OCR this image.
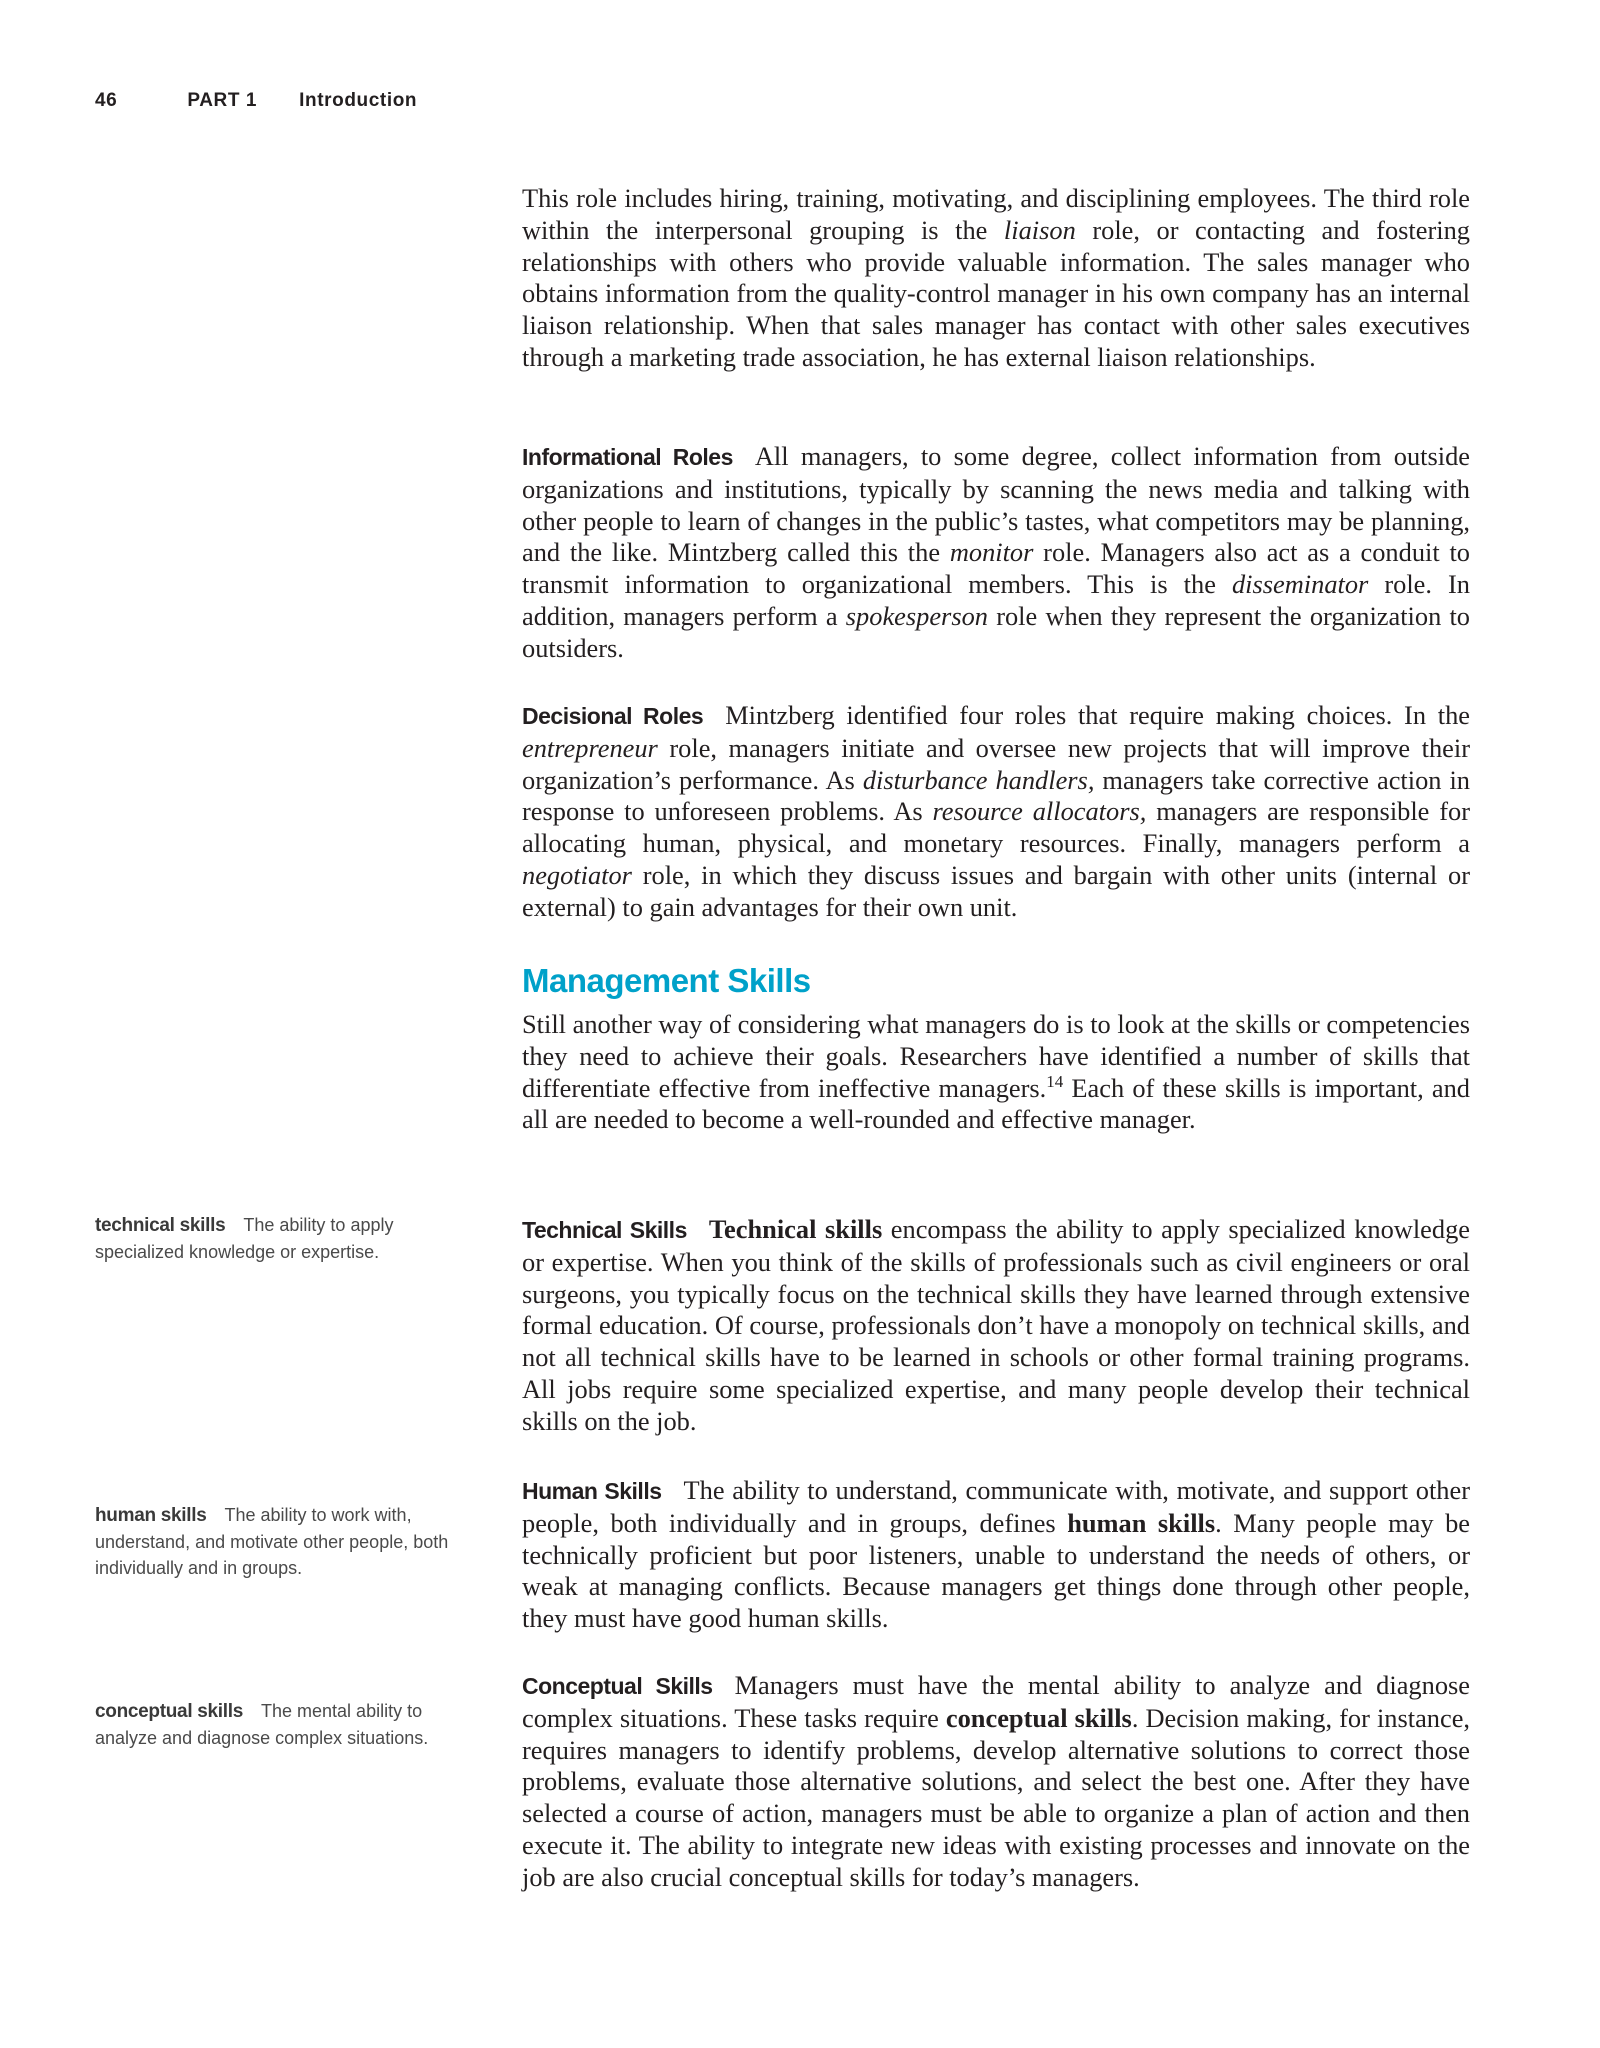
46	PART 1 Introduction

This role includes hiring, training, motivating, and disciplining employees. The third role within the interpersonal grouping is the liaison role, or contacting and fostering relationships with others who provide valuable information. The sales manager who obtains information from the quality-control manager in his own company has an internal liaison relationship. When that sales manager has contact with other sales executives through a marketing trade association, he has external liaison relationships.

Informational Roles All managers, to some degree, collect information from outside organizations and institutions, typically by scanning the news media and talking with other people to learn of changes in the public’s tastes, what competitors may be planning, and the like. Mintzberg called this the monitor role. Managers also act as a conduit to transmit information to organizational members. This is the disseminator role. In addition, managers perform a spokesperson role when they represent the organization to outsiders.

Decisional Roles Mintzberg identified four roles that require making choices. In the entrepreneur role, managers initiate and oversee new projects that will improve their organization’s performance. As disturbance handlers, managers take corrective action in response to unforeseen problems. As resource allocators, managers are responsible for allocating human, physical, and monetary resources. Finally, managers perform a negotiator role, in which they discuss issues and bargain with other units (internal or external) to gain advantages for their own unit.

Management Skills

Still another way of considering what managers do is to look at the skills or competencies they need to achieve their goals. Researchers have identified a number of skills that differentiate effective from ineffective managers.$^{14}$ Each of these skills is important, and all are needed to become a well-rounded and effective manager.

Technical Skills Technical skills encompass the ability to apply specialized knowledge or expertise. When you think of the skills of professionals such as civil engineers or oral surgeons, you typically focus on the technical skills they have learned through extensive formal education. Of course, professionals don’t have a monopoly on technical skills, and not all technical skills have to be learned in schools or other formal training programs. All jobs require some specialized expertise, and many people develop their technical skills on the job.

Human Skills The ability to understand, communicate with, motivate, and support other people, both individually and in groups, defines human skills. Many people may be technically proficient but poor listeners, unable to understand the needs of others, or weak at managing conflicts. Because managers get things done through other people, they must have good human skills.

Conceptual Skills Managers must have the mental ability to analyze and diagnose complex situations. These tasks require conceptual skills. Decision making, for instance, requires managers to identify problems, develop alternative solutions to correct those problems, evaluate those alternative solutions, and select the best one. After they have selected a course of action, managers must be able to organize a plan of action and then execute it. The ability to integrate new ideas with existing processes and innovate on the job are also crucial conceptual skills for today’s managers.

technical skills The ability to apply specialized knowledge or expertise.
human skills The ability to work with, understand, and motivate other people, both individually and in groups.
conceptual skills The mental ability to analyze and diagnose complex situations.
